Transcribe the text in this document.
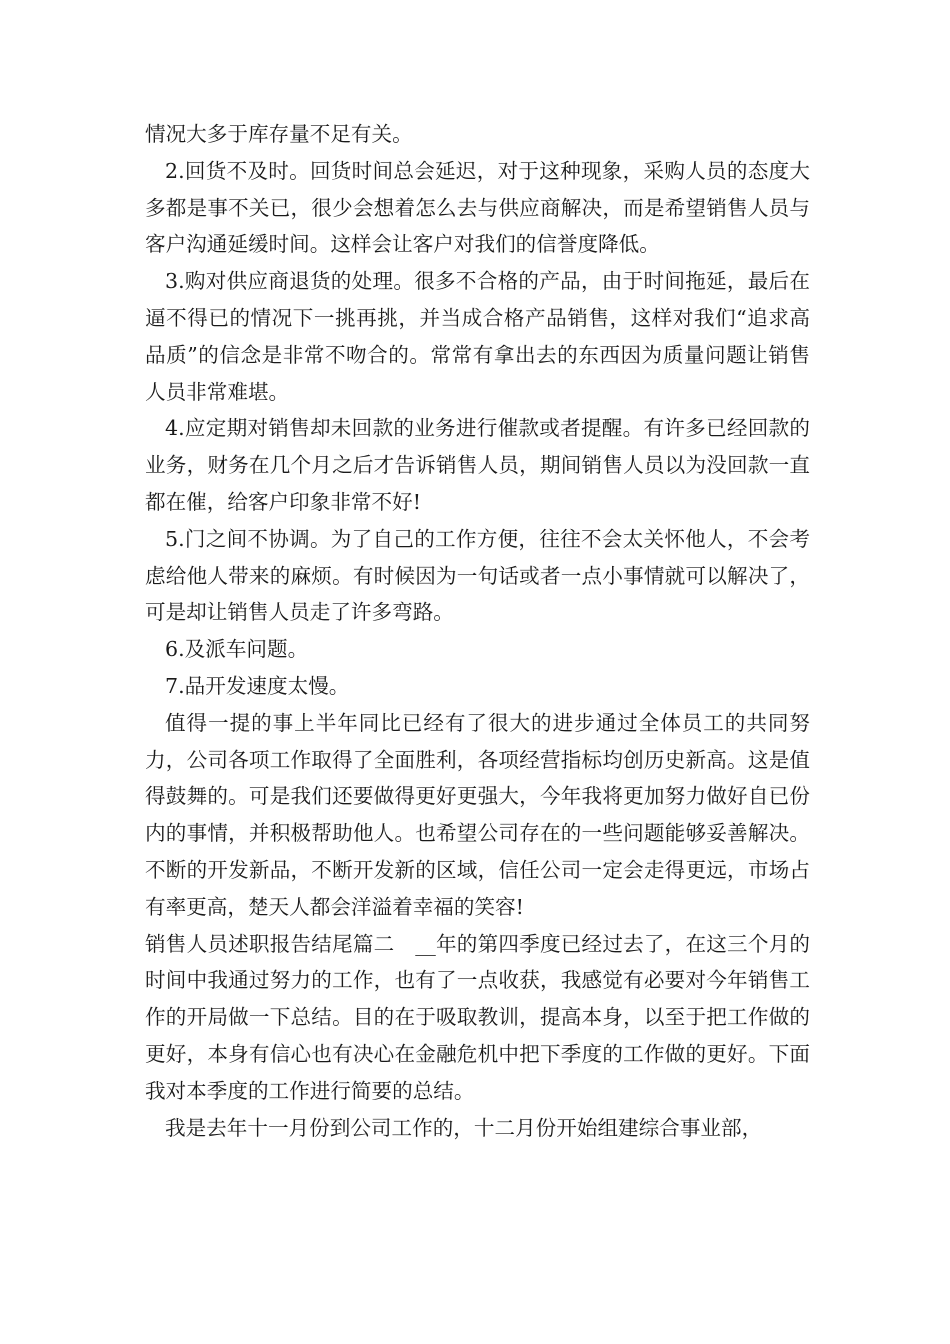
情况大多于库存量不足有关。

2.回货不及时。回货时间总会延迟，对于这种现象，采购人员的态度大多都是事不关已，很少会想着怎么去与供应商解决，而是希望销售人员与客户沟通延缓时间。这样会让客户对我们的信誉度降低。

3.购对供应商退货的处理。很多不合格的产品，由于时间拖延，最后在逼不得已的情况下一挑再挑，并当成合格产品销售，这样对我们“追求高品质”的信念是非常不吻合的。常常有拿出去的东西因为质量问题让销售人员非常难堪。

4.应定期对销售却未回款的业务进行催款或者提醒。有许多已经回款的业务，财务在几个月之后才告诉销售人员，期间销售人员以为没回款一直都在催，给客户印象非常不好!

5.门之间不协调。为了自己的工作方便，往往不会太关怀他人，不会考虑给他人带来的麻烦。有时候因为一句话或者一点小事情就可以解决了，可是却让销售人员走了许多弯路。

6.及派车问题。

7.品开发速度太慢。

值得一提的事上半年同比已经有了很大的进步通过全体员工的共同努力，公司各项工作取得了全面胜利，各项经营指标均创历史新高。这是值得鼓舞的。可是我们还要做得更好更强大，今年我将更加努力做好自已份内的事情，并积极帮助他人。也希望公司存在的一些问题能够妥善解决。不断的开发新品，不断开发新的区域，信任公司一定会走得更远，市场占有率更高，楚天人都会洋溢着幸福的笑容!

销售人员述职报告结尾篇二　__年的第四季度已经过去了，在这三个月的时间中我通过努力的工作，也有了一点收获，我感觉有必要对今年销售工作的开局做一下总结。目的在于吸取教训，提高本身，以至于把工作做的更好，本身有信心也有决心在金融危机中把下季度的工作做的更好。下面我对本季度的工作进行简要的总结。

我是去年十一月份到公司工作的，十二月份开始组建综合事业部，
